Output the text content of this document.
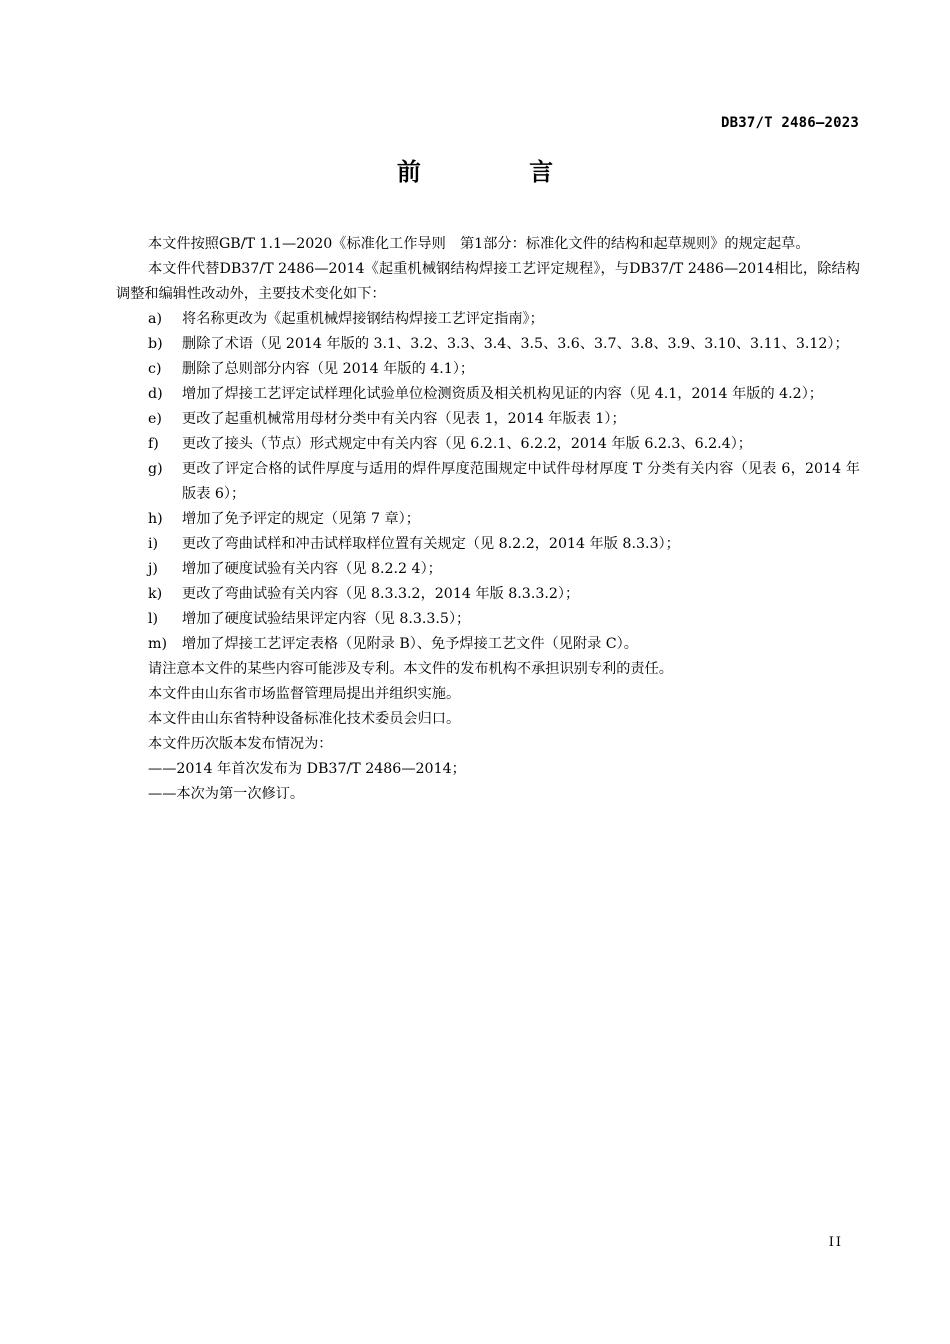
DB37/T 2486—2023
前 言

本文件按照GB/T 1.1—2020《标准化工作导则　第1部分：标准化文件的结构和起草规则》的规定起草。

本文件代替DB37/T 2486—2014《起重机械钢结构焊接工艺评定规程》，与DB37/T 2486—2014相比，除结构调整和编辑性改动外，主要技术变化如下：

a)	将名称更改为《起重机械焊接钢结构焊接工艺评定指南》；
b)	删除了术语（见 2014 年版的 3.1、3.2、3.3、3.4、3.5、3.6、3.7、3.8、3.9、3.10、3.11、3.12）；
c)	删除了总则部分内容（见 2014 年版的 4.1）；
d)	增加了焊接工艺评定试样理化试验单位检测资质及相关机构见证的内容（见 4.1，2014 年版的 4.2）；
e)	更改了起重机械常用母材分类中有关内容（见表 1，2014 年版表 1）；
f)	更改了接头（节点）形式规定中有关内容（见 6.2.1、6.2.2，2014 年版 6.2.3、6.2.4）；
g)	更改了评定合格的试件厚度与适用的焊件厚度范围规定中试件母材厚度 T 分类有关内容（见表 6，2014 年版表 6）；
h)	增加了免予评定的规定（见第 7 章）；
i)	更改了弯曲试样和冲击试样取样位置有关规定（见 8.2.2，2014 年版 8.3.3）；
j)	增加了硬度试验有关内容（见 8.2.2 4）；
k)	更改了弯曲试验有关内容（见 8.3.3.2，2014 年版 8.3.3.2）；
l)	增加了硬度试验结果评定内容（见 8.3.3.5）；
m)	增加了焊接工艺评定表格（见附录 B）、免予焊接工艺文件（见附录 C）。

请注意本文件的某些内容可能涉及专利。本文件的发布机构不承担识别专利的责任。

本文件由山东省市场监督管理局提出并组织实施。

本文件由山东省特种设备标准化技术委员会归口。

本文件历次版本发布情况为：

——2014 年首次发布为 DB37/T 2486—2014；

——本次为第一次修订。

II
